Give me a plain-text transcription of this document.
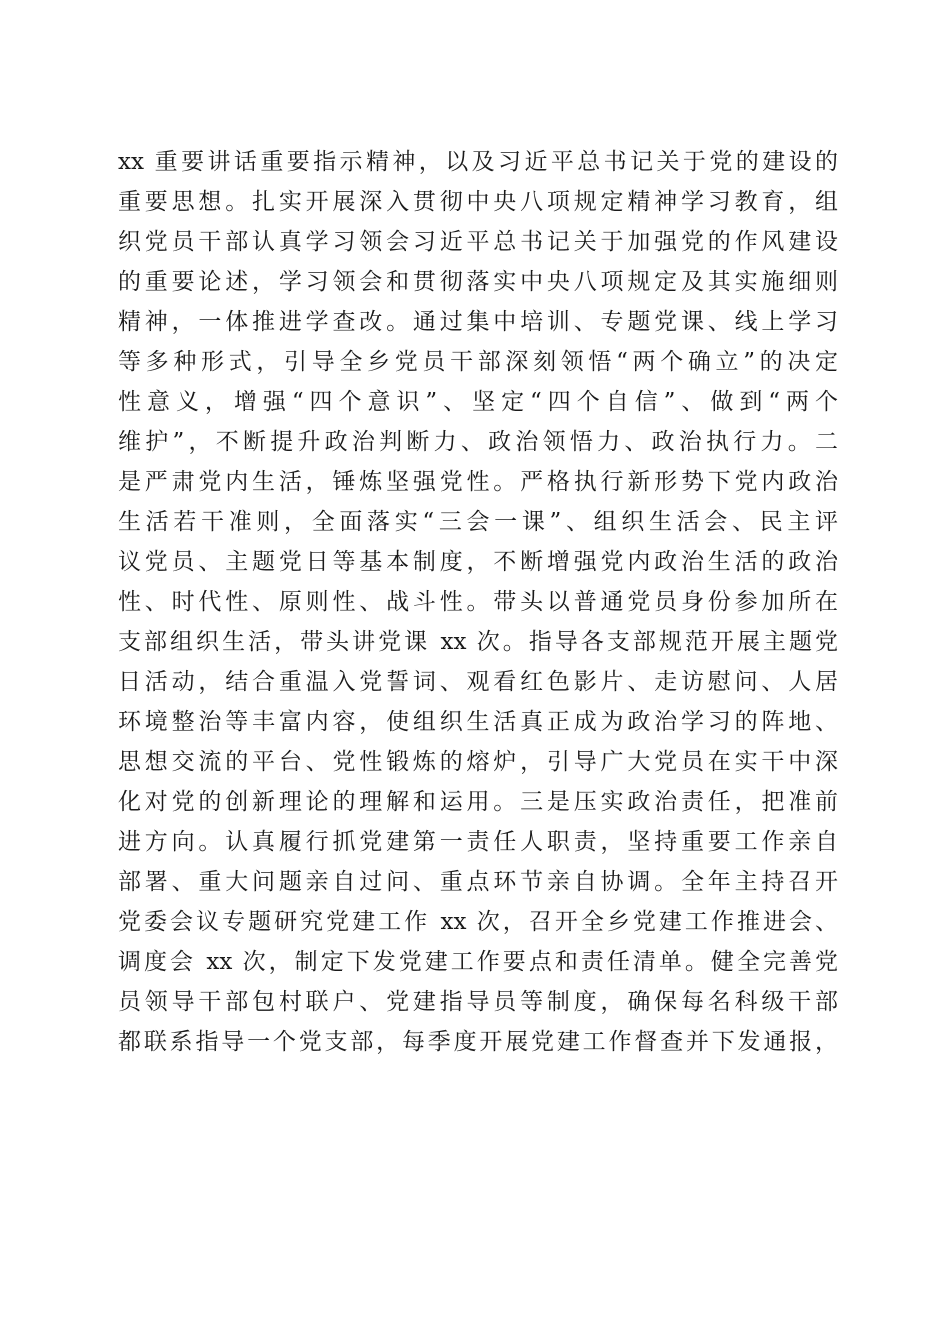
xx 重要讲话重要指示精神，以及习近平总书记关于党的建设的
重要思想。扎实开展深入贯彻中央八项规定精神学习教育，组
织党员干部认真学习领会习近平总书记关于加强党的作风建设
的重要论述，学习领会和贯彻落实中央八项规定及其实施细则
精神，一体推进学查改。通过集中培训、专题党课、线上学习
等多种形式，引导全乡党员干部深刻领悟“两个确立”的决定
性意义，增强“四个意识”、坚定“四个自信”、做到“两个
维护”，不断提升政治判断力、政治领悟力、政治执行力。二
是严肃党内生活，锤炼坚强党性。严格执行新形势下党内政治
生活若干准则，全面落实“三会一课”、组织生活会、民主评
议党员、主题党日等基本制度，不断增强党内政治生活的政治
性、时代性、原则性、战斗性。带头以普通党员身份参加所在
支部组织生活，带头讲党课 xx 次。指导各支部规范开展主题党
日活动，结合重温入党誓词、观看红色影片、走访慰问、人居
环境整治等丰富内容，使组织生活真正成为政治学习的阵地、
思想交流的平台、党性锻炼的熔炉，引导广大党员在实干中深
化对党的创新理论的理解和运用。三是压实政治责任，把准前
进方向。认真履行抓党建第一责任人职责，坚持重要工作亲自
部署、重大问题亲自过问、重点环节亲自协调。全年主持召开
党委会议专题研究党建工作 xx 次，召开全乡党建工作推进会、
调度会 xx 次，制定下发党建工作要点和责任清单。健全完善党
员领导干部包村联户、党建指导员等制度，确保每名科级干部
都联系指导一个党支部，每季度开展党建工作督查并下发通报，
